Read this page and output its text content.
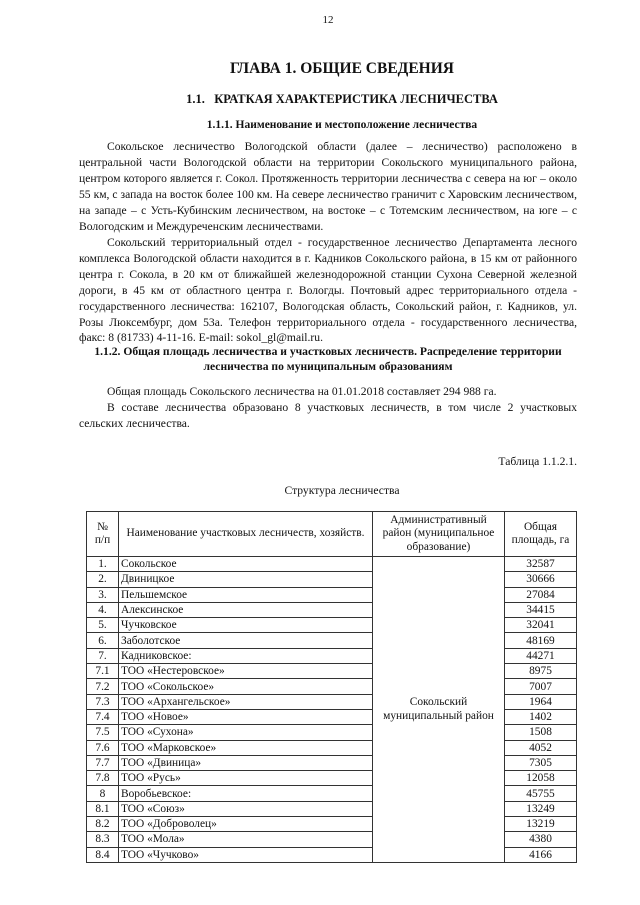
12
ГЛАВА 1. ОБЩИЕ СВЕДЕНИЯ
1.1.   КРАТКАЯ ХАРАКТЕРИСТИКА ЛЕСНИЧЕСТВА
1.1.1. Наименование и местоположение лесничества

Сокольское лесничество Вологодской области (далее – лесничество) расположено в центральной части Вологодской области на территории Сокольского муниципального района, центром которого является г. Сокол. Протяженность территории лесничества с севера на юг – около 55 км, с запада на восток более 100 км. На севере лесничество граничит с Харовским лесничеством, на западе – с Усть-Кубинским лесничеством, на востоке – с Тотемским лесничеством, на юге – с Вологодским и Междуреченским лесничествами.

Сокольский территориальный отдел - государственное лесничество Департамента лесного комплекса Вологодской области находится в г. Кадников Сокольского района, в 15 км от районного центра г. Сокола, в 20 км от ближайшей железнодорожной станции Сухона Северной железной дороги, в 45 км от областного центра г. Вологды. Почтовый адрес территориального отдела - государственного лесничества: 162107, Вологодская область, Сокольский район, г. Кадников, ул. Розы Люксембург, дом 53а. Телефон территориального отдела - государственного лесничества, факс: 8 (81733) 4-11-16. E-mail: sokol_gl@mail.ru.

1.1.2. Общая площадь лесничества и участковых лесничеств. Распределение территории
лесничества по муниципальным образованиям

Общая площадь Сокольского лесничества на 01.01.2018 составляет 294 988 га.

В составе лесничества образовано 8 участковых лесничеств, в том числе 2 участковых сельских лесничества.

Таблица 1.1.2.1.
Структура лесничества
№
п/п	Наименование участковых лесничеств, хозяйств.	Административный район (муниципальное образование)	Общая площадь, га
1.	Сокольское	Сокольский муниципальный район	32587
2.	Двиницкое		30666
3.	Пельшемское		27084
4.	Алексинское		34415
5.	Чучковское		32041
6.	Заболотское		48169
7.	Кадниковское:		44271
7.1	ТОО «Нестеровское»		8975
7.2	ТОО «Сокольское»		7007
7.3	ТОО «Архангельское»		1964
7.4	ТОО «Новое»		1402
7.5	ТОО «Сухона»		1508
7.6	ТОО «Марковское»		4052
7.7	ТОО «Двиница»		7305
7.8	ТОО «Русь»		12058
8	Воробьевское:		45755
8.1	ТОО «Союз»		13249
8.2	ТОО «Доброволец»		13219
8.3	ТОО «Мола»		4380
8.4	ТОО «Чучково»		4166
